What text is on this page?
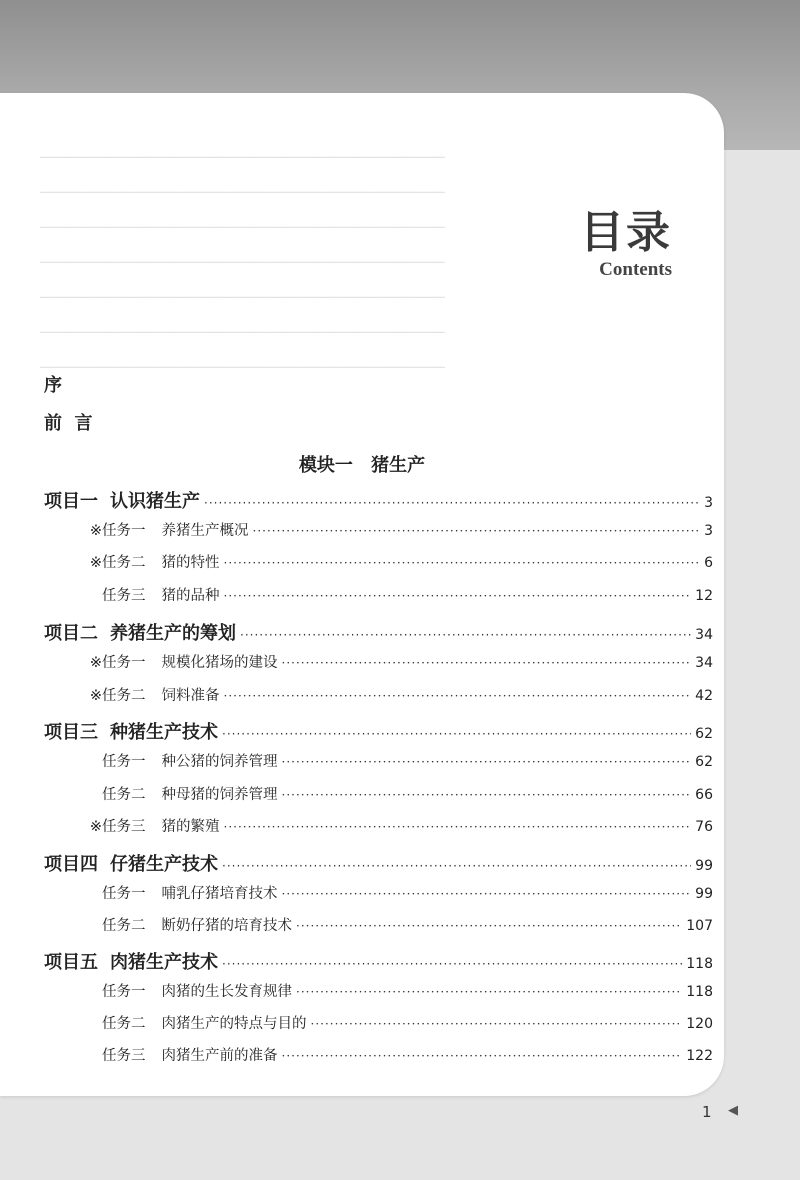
目录
Contents
序
前  言
模块一 猪生产
项目一 认识猪生产 ·····	3
※任务一 养猪生产概况 ·····	3
※任务二 猪的特性 ·····	6
任务三 猪的品种 ·····	12
项目二 养猪生产的筹划 ·····	34
※任务一 规模化猪场的建设 ·····	34
※任务二 饲料准备 ·····	42
项目三 种猪生产技术 ·····	62
任务一 种公猪的饲养管理 ·····	62
任务二 种母猪的饲养管理 ·····	66
※任务三 猪的繁殖 ·····	76
项目四 仔猪生产技术 ·····	99
任务一 哺乳仔猪培育技术 ·····	99
任务二 断奶仔猪的培育技术 ·····	107
项目五 肉猪生产技术 ·····	118
任务一 肉猪的生长发育规律 ·····	118
任务二 肉猪生产的特点与目的 ·····	120
任务三 肉猪生产前的准备 ·····	122
1 ◀
